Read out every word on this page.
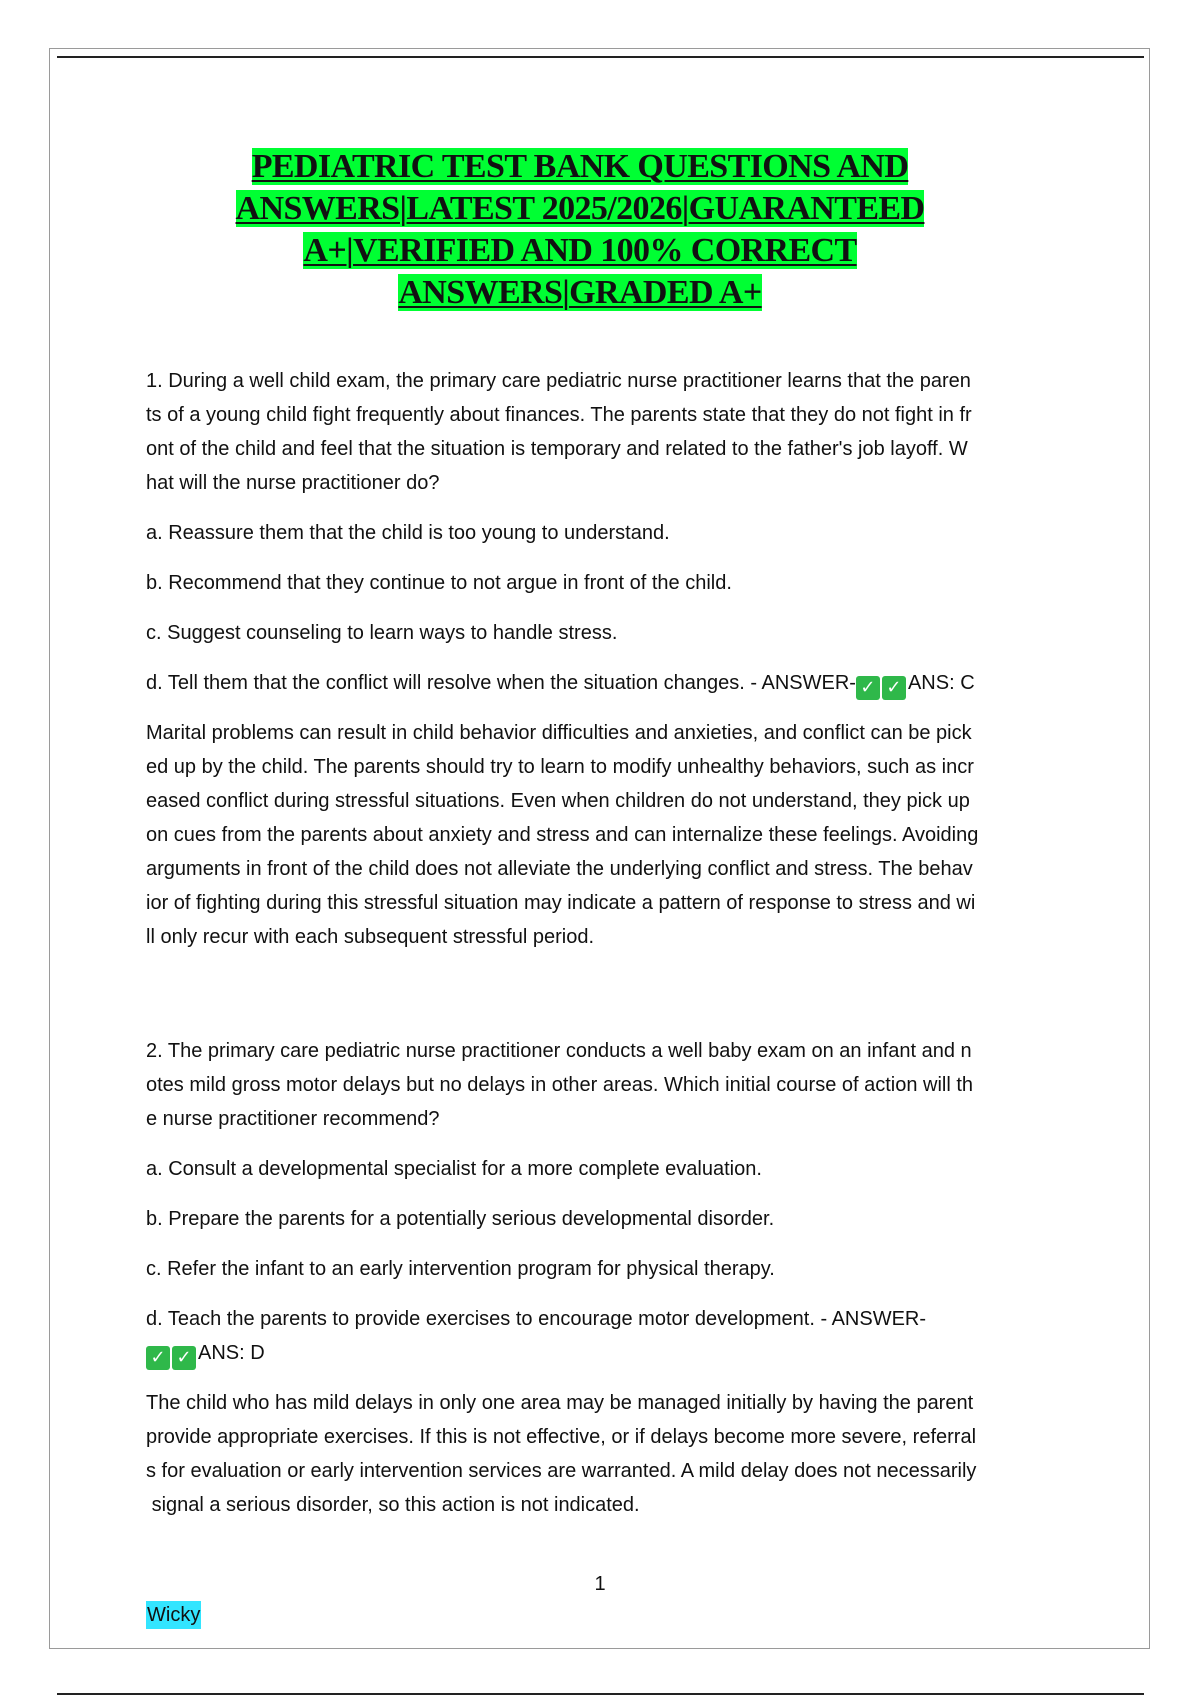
PEDIATRIC TEST BANK QUESTIONS AND
ANSWERS|LATEST 2025/2026|GUARANTEED
A+|VERIFIED AND 100% CORRECT
ANSWERS|GRADED A+

1. During a well child exam, the primary care pediatric nurse practitioner learns that the paren
ts of a young child fight frequently about finances. The parents state that they do not fight in fr
ont of the child and feel that the situation is temporary and related to the father's job layoff. W
hat will the nurse practitioner do?

a. Reassure them that the child is too young to understand.

b. Recommend that they continue to not argue in front of the child.

c. Suggest counseling to learn ways to handle stress.

d. Tell them that the conflict will resolve when the situation changes. - ANSWER- ✓ ✓ ANS: C

Marital problems can result in child behavior difficulties and anxieties, and conflict can be pick
ed up by the child. The parents should try to learn to modify unhealthy behaviors, such as incr
eased conflict during stressful situations. Even when children do not understand, they pick up
on cues from the parents about anxiety and stress and can internalize these feelings. Avoiding
arguments in front of the child does not alleviate the underlying conflict and stress. The behav
ior of fighting during this stressful situation may indicate a pattern of response to stress and wi
ll only recur with each subsequent stressful period.

2. The primary care pediatric nurse practitioner conducts a well baby exam on an infant and n
otes mild gross motor delays but no delays in other areas. Which initial course of action will th
e nurse practitioner recommend?

a. Consult a developmental specialist for a more complete evaluation.

b. Prepare the parents for a potentially serious developmental disorder.

c. Refer the infant to an early intervention program for physical therapy.

d. Teach the parents to provide exercises to encourage motor development. - ANSWER-
✓ ✓ ANS: D

The child who has mild delays in only one area may be managed initially by having the parent
provide appropriate exercises. If this is not effective, or if delays become more severe, referral
s for evaluation or early intervention services are warranted. A mild delay does not necessarily
signal a serious disorder, so this action is not indicated.

1
Wicky
